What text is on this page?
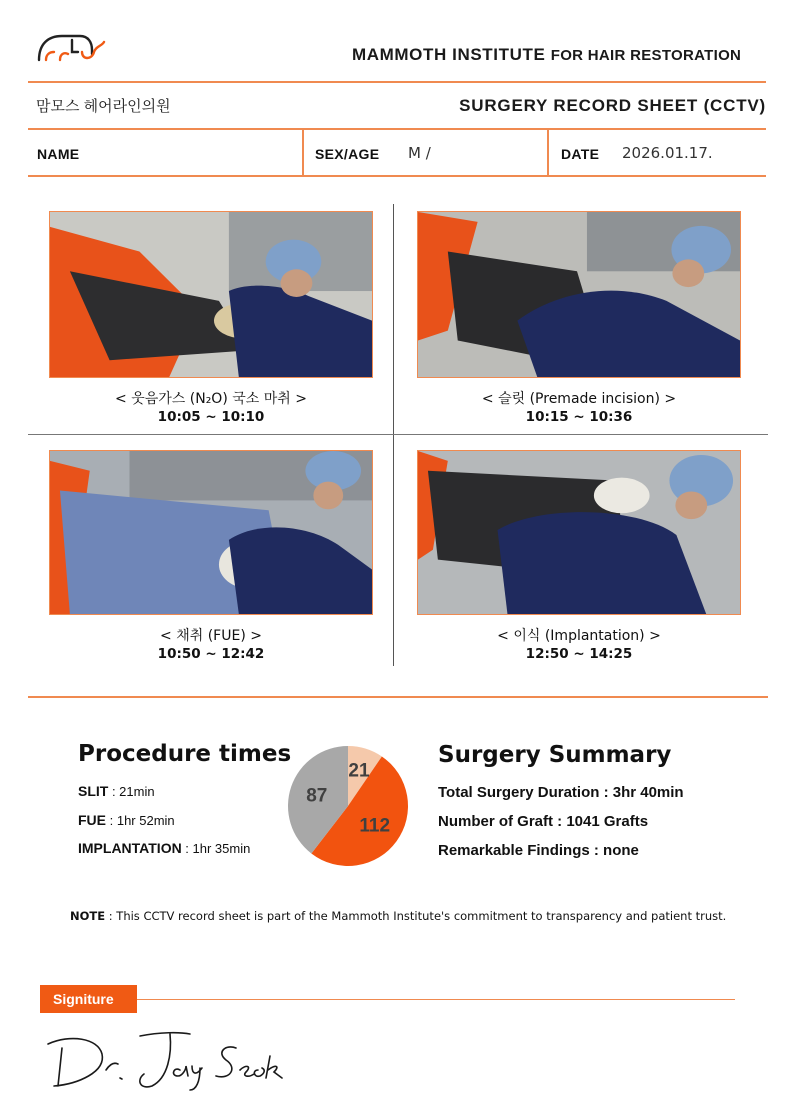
MAMMOTH INSTITUTE FOR HAIR RESTORATION
맘모스 헤어라인의원	SURGERY RECORD SHEET (CCTV)
NAME	SEX/AGE M /	DATE 2026.01.17.
< 웃음가스 (N₂O) 국소 마취 >
10:05 ~ 10:10
< 슬릿 (Premade incision) >
10:15 ~ 10:36
< 채취 (FUE) >
10:50 ~ 12:42
< 이식 (Implantation) >
12:50 ~ 14:25
Procedure times
SLIT : 21min
FUE : 1hr 52min
IMPLANTATION : 1hr 35min
21
112
87
Surgery Summary
Total Surgery Duration : 3hr 40min
Number of Graft : 1041 Grafts
Remarkable Findings : none
NOTE : This CCTV record sheet is part of the Mammoth Institute's commitment to transparency and patient trust.
Signiture
